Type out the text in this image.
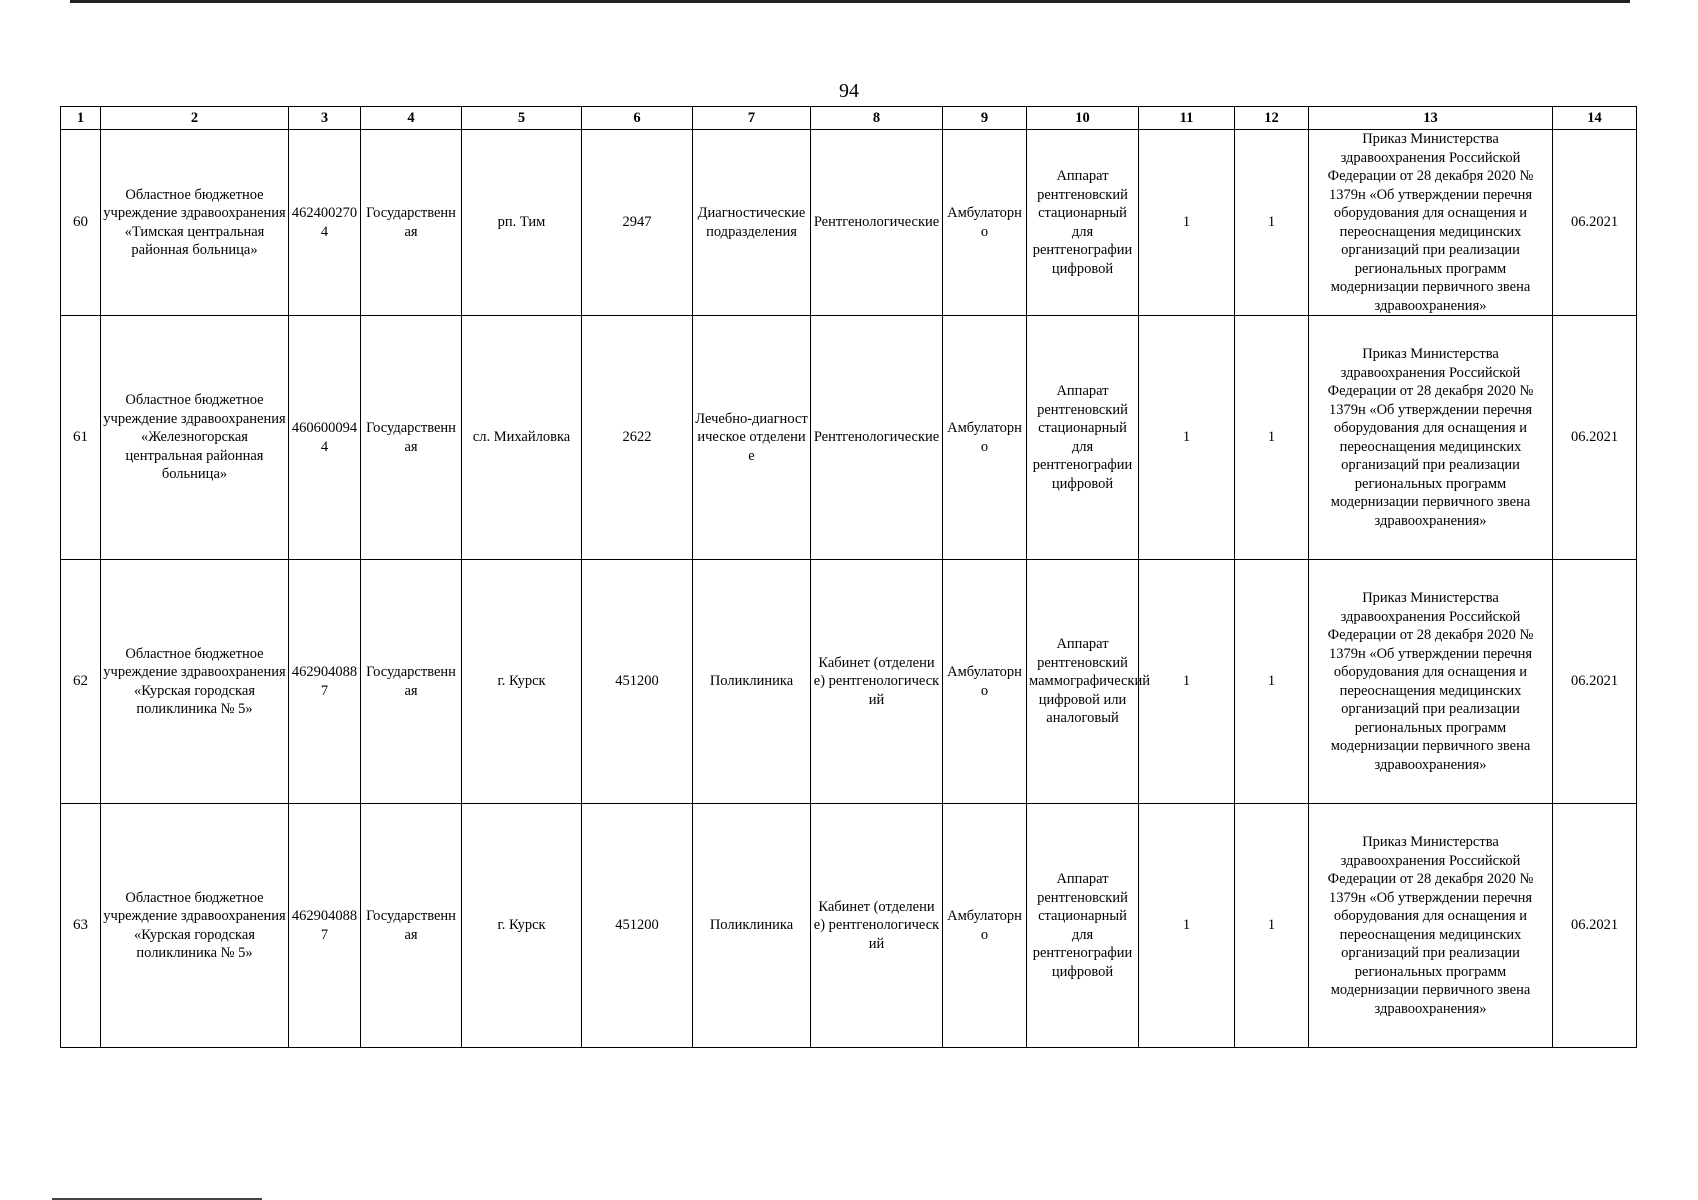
94
1	2	3	4	5	6	7	8	9	10	11	12	13	14
60	Областное бюджетное учреждение здравоохранения «Тимская центральная районная больница»	4624002704	Государственная	рп. Тим	2947	Диагностические подразделения	Рентгенологические	Амбулаторно	Аппарат рентгеновский стационарный для рентгенографии цифровой	1	1	Приказ Министерства здравоохранения Российской Федерации от 28 декабря 2020 № 1379н «Об утверждении перечня оборудования для оснащения и переоснащения медицинских организаций при реализации региональных программ модернизации первичного звена здравоохранения»	06.2021
61	Областное бюджетное учреждение здравоохранения «Железногорская центральная районная больница»	4606000944	Государственная	сл. Михайловка	2622	Лечебно-диагностическое отделение	Рентгенологические	Амбулаторно	Аппарат рентгеновский стационарный для рентгенографии цифровой	1	1	Приказ Министерства здравоохранения Российской Федерации от 28 декабря 2020 № 1379н «Об утверждении перечня оборудования для оснащения и переоснащения медицинских организаций при реализации региональных программ модернизации первичного звена здравоохранения»	06.2021
62	Областное бюджетное учреждение здравоохранения «Курская городская поликлиника № 5»	4629040887	Государственная	г. Курск	451200	Поликлиника	Кабинет (отделение) рентгенологический	Амбулаторно	Аппарат рентгеновский маммографический цифровой или аналоговый	1	1	Приказ Министерства здравоохранения Российской Федерации от 28 декабря 2020 № 1379н «Об утверждении перечня оборудования для оснащения и переоснащения медицинских организаций при реализации региональных программ модернизации первичного звена здравоохранения»	06.2021
63	Областное бюджетное учреждение здравоохранения «Курская городская поликлиника № 5»	4629040887	Государственная	г. Курск	451200	Поликлиника	Кабинет (отделение) рентгенологический	Амбулаторно	Аппарат рентгеновский стационарный для рентгенографии цифровой	1	1	Приказ Министерства здравоохранения Российской Федерации от 28 декабря 2020 № 1379н «Об утверждении перечня оборудования для оснащения и переоснащения медицинских организаций при реализации региональных программ модернизации первичного звена здравоохранения»	06.2021
